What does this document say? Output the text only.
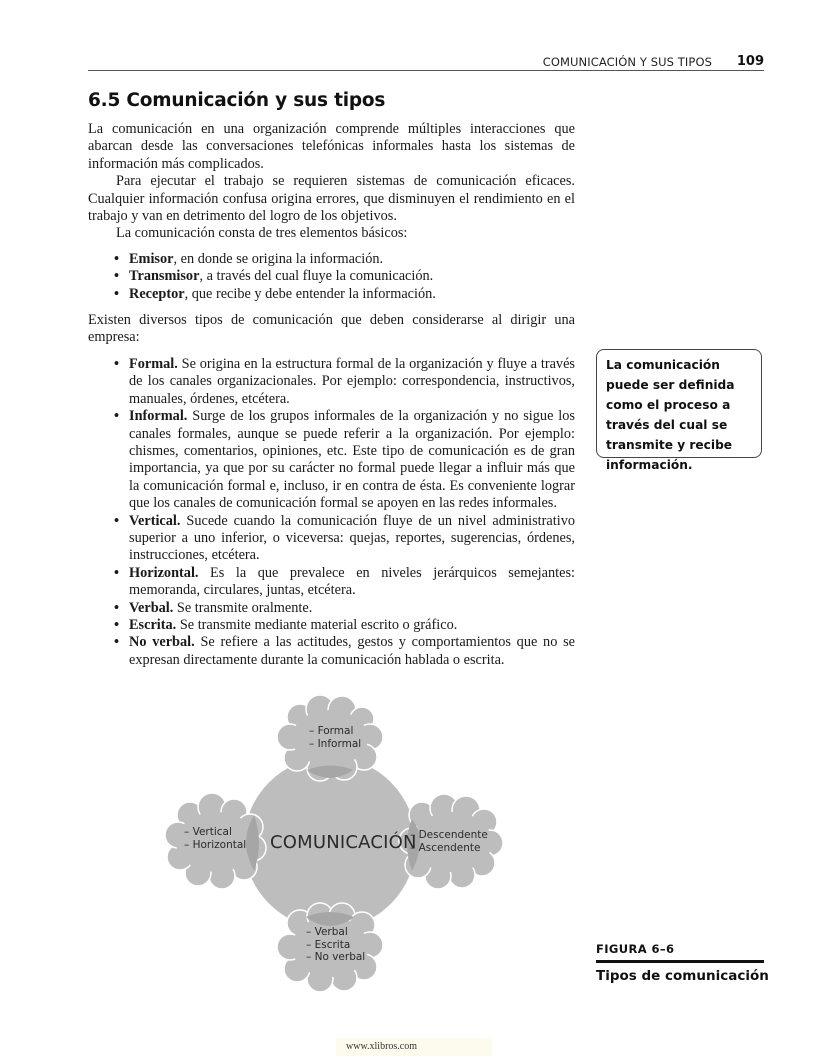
COMUNICACIÓN Y SUS TIPOS 109
6.5 Comunicación y sus tipos

La comunicación en una organización comprende múltiples interacciones que abarcan desde las conversaciones telefónicas informales hasta los sistemas de información más complicados.

Para ejecutar el trabajo se requieren sistemas de comunicación eficaces. Cualquier información confusa origina errores, que disminuyen el rendimiento en el trabajo y van en detrimento del logro de los objetivos.

La comunicación consta de tres elementos básicos:

• Emisor, en donde se origina la información.
• Transmisor, a través del cual fluye la comunicación.
• Receptor, que recibe y debe entender la información.

Existen diversos tipos de comunicación que deben considerarse al dirigir una empresa:

• Formal. Se origina en la estructura formal de la organización y fluye a través de los canales organizacionales. Por ejemplo: correspondencia, instructivos, manuales, órdenes, etcétera.
• Informal. Surge de los grupos informales de la organización y no sigue los canales formales, aunque se puede referir a la organización. Por ejemplo: chismes, comentarios, opiniones, etc. Este tipo de comunicación es de gran importancia, ya que por su carácter no formal puede llegar a influir más que la comunicación formal e, incluso, ir en contra de ésta. Es conveniente lograr que los canales de comunicación formal se apoyen en las redes informales.
• Vertical. Sucede cuando la comunicación fluye de un nivel administrativo superior a uno inferior, o viceversa: quejas, reportes, sugerencias, órdenes, instrucciones, etcétera.
• Horizontal. Es la que prevalece en niveles jerárquicos semejantes: memoranda, circulares, juntas, etcétera.
• Verbal. Se transmite oralmente.
• Escrita. Se transmite mediante material escrito o gráfico.
• No verbal. Se refiere a las actitudes, gestos y comportamientos que no se expresan directamente durante la comunicación hablada o escrita.
La comunicación puede ser definida como el proceso a través del cual se transmite y recibe información.
COMUNICACIÓN
– Formal
– Informal
– Vertical
– Horizontal
– Descendente
– Ascendente
– Verbal
– Escrita
– No verbal
FIGURA 6–6
Tipos de comunicación
www.xlibros.com
